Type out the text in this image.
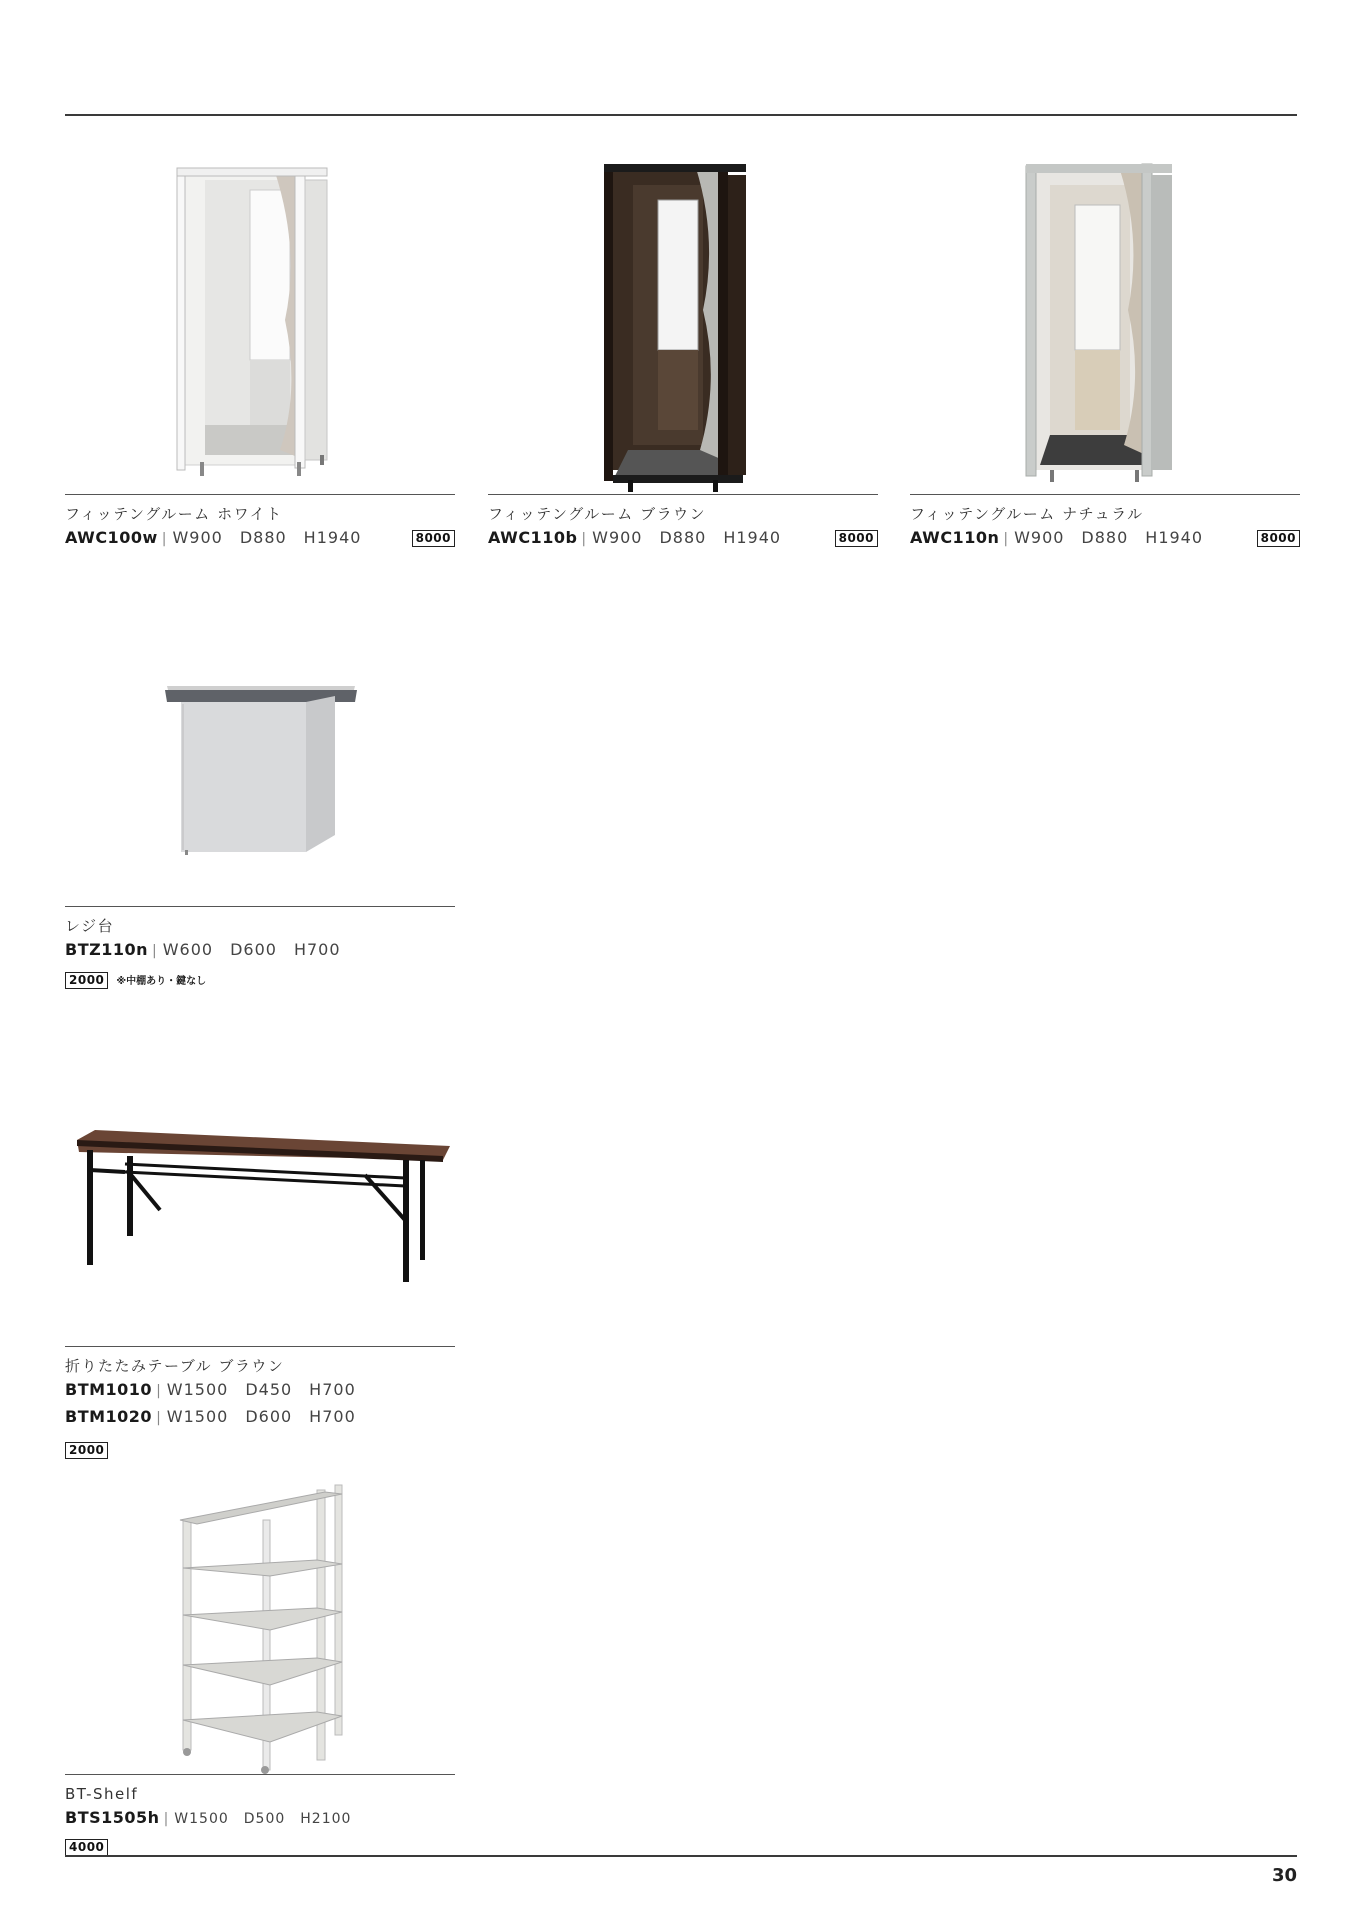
フィッテングルーム ホワイト
AWC100w | W900　D880　H1940	8000
フィッテングルーム ブラウン
AWC110b | W900　D880　H1940	8000
フィッテングルーム ナチュラル
AWC110n | W900　D880　H1940	8000
レジ台
BTZ110n | W600　D600　H700
2000 ※中棚あり・鍵なし
折りたたみテーブル ブラウン
BTM1010 | W1500　D450　H700
BTM1020 | W1500　D600　H700
2000
BT-Shelf
BTS1505h | W1500　D500　H2100
4000
30
